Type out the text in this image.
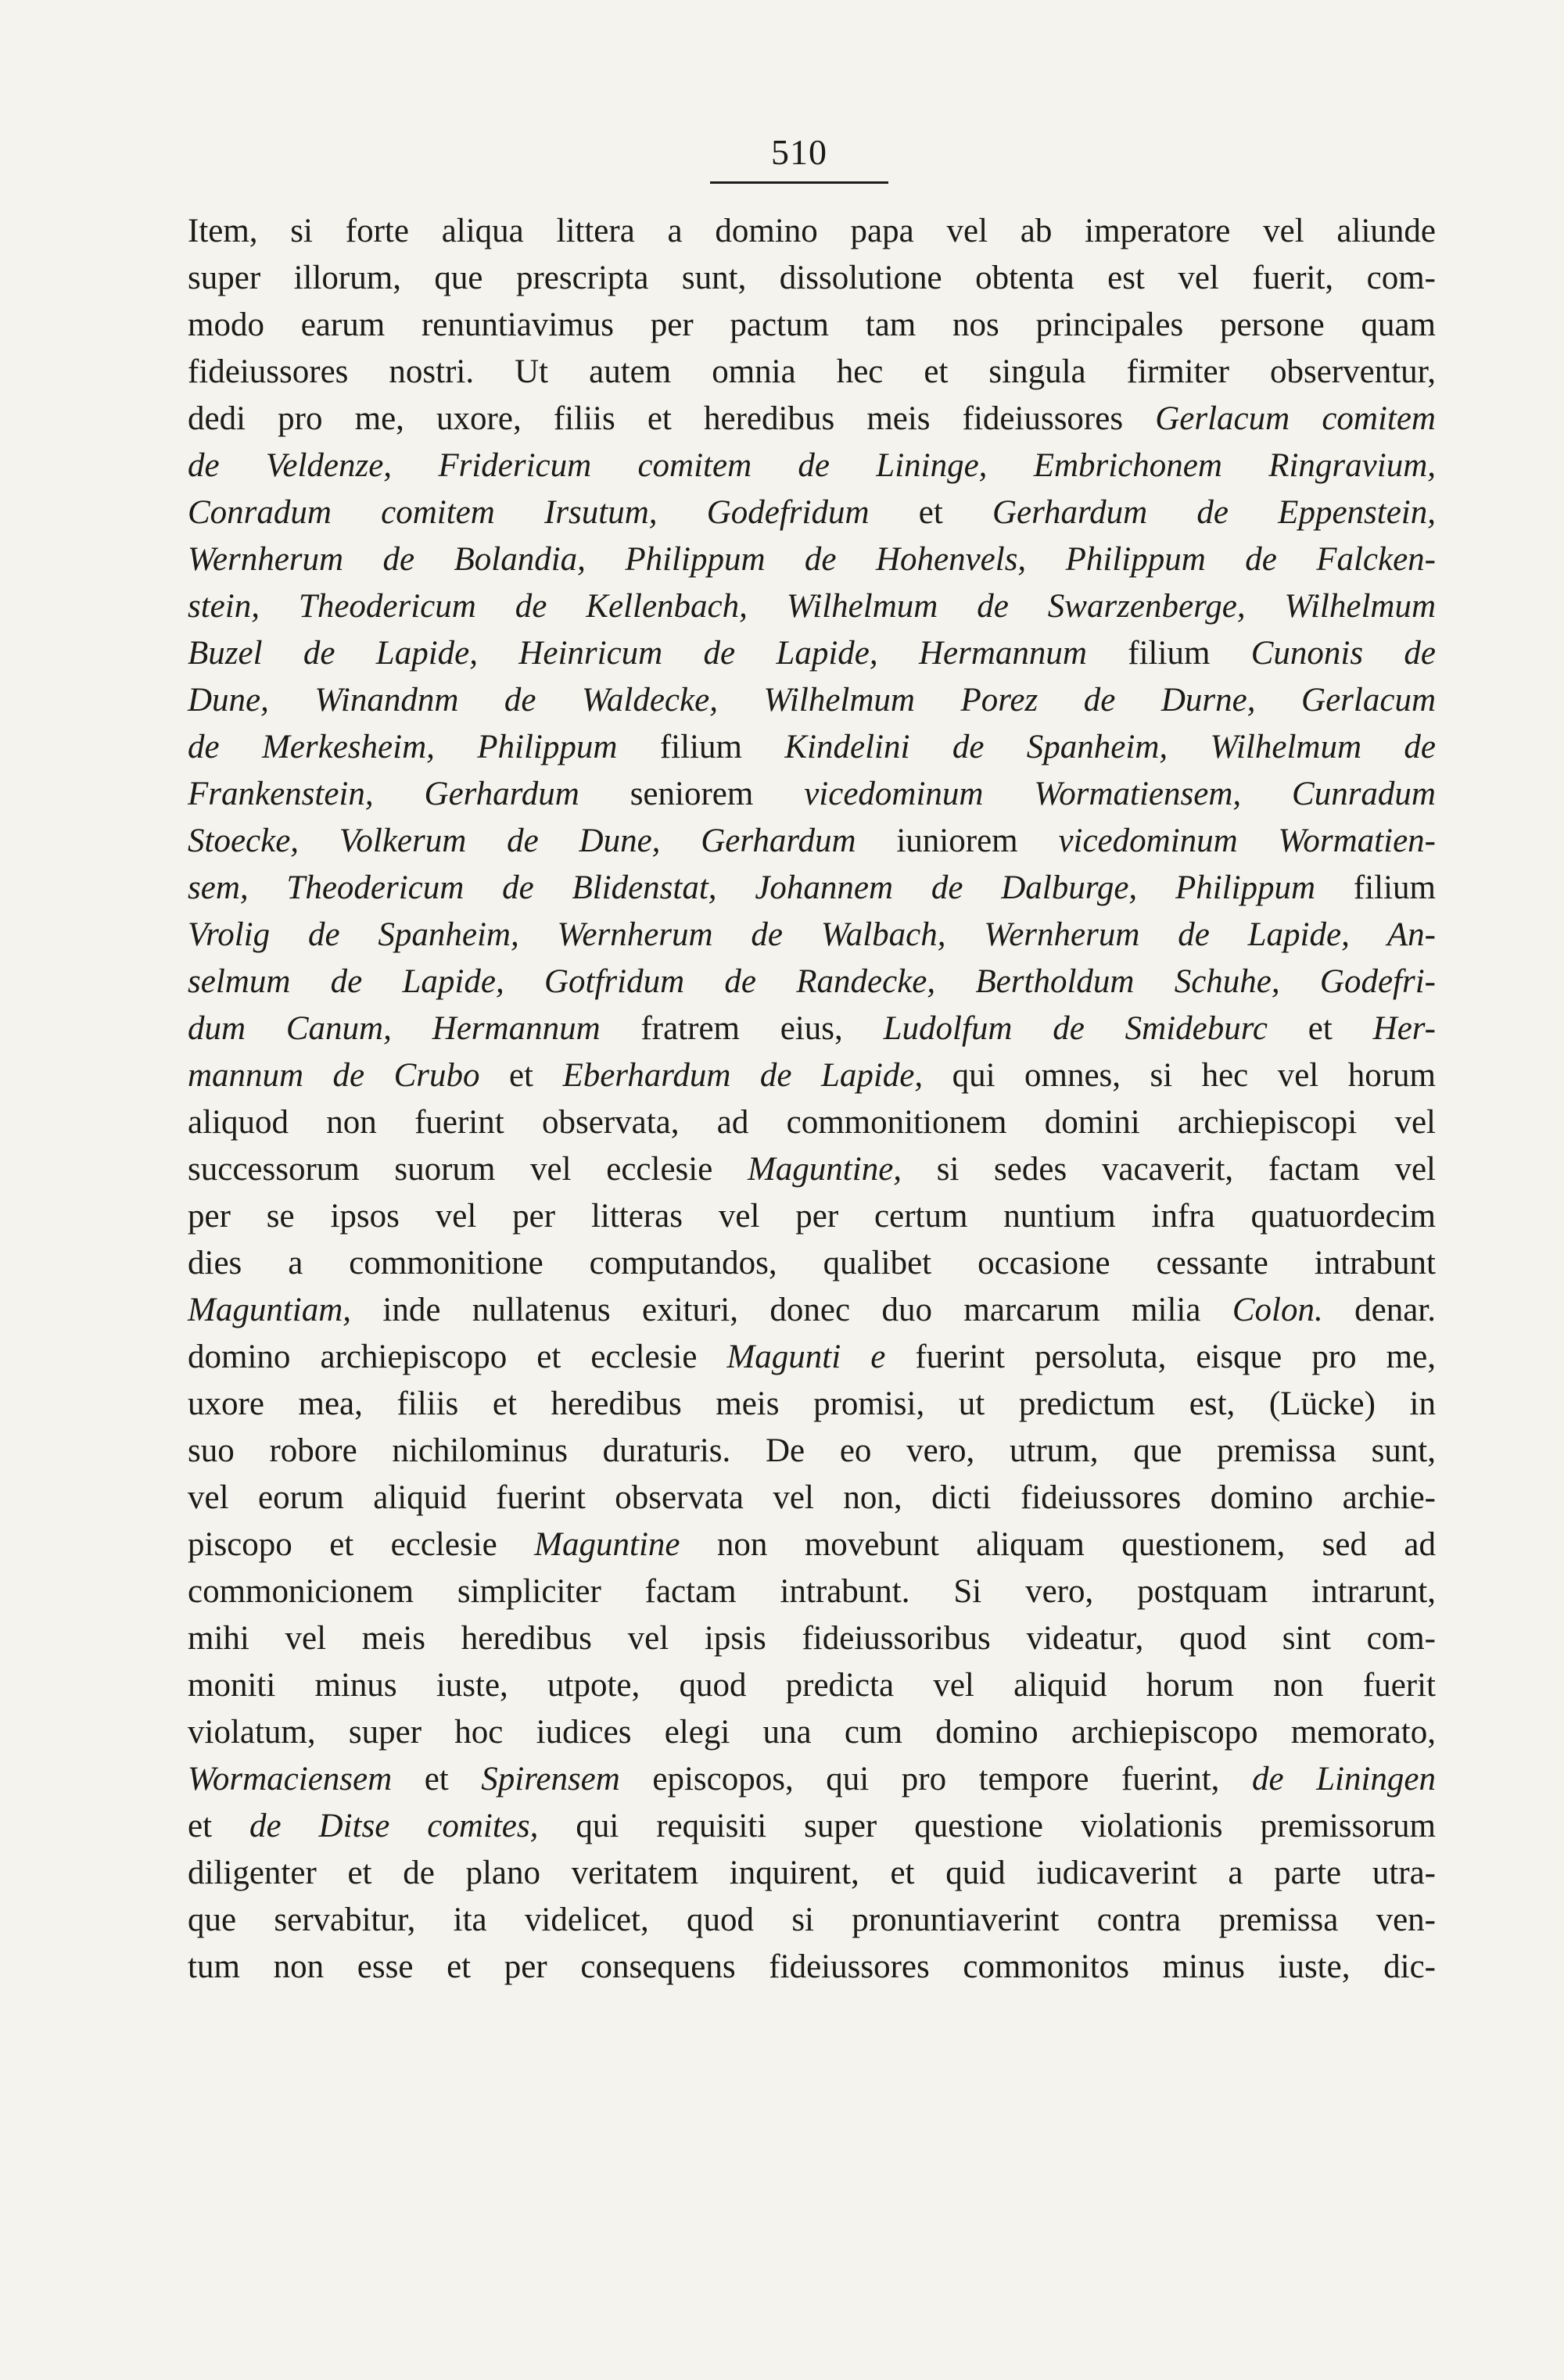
510
Item, si forte aliqua littera a domino papa vel ab imperatore vel aliunde
super illorum, que prescripta sunt, dissolutione obtenta est vel fuerit, com-
modo earum renuntiavimus per pactum tam nos principales persone quam
fideiussores nostri. Ut autem omnia hec et singula firmiter observentur,
dedi pro me, uxore, filiis et heredibus meis fideiussores Gerlacum comitem
de Veldenze, Fridericum comitem de Lininge, Embrichonem Ringravium,
Conradum comitem Irsutum, Godefridum et Gerhardum de Eppenstein,
Wernherum de Bolandia, Philippum de Hohenvels, Philippum de Falcken-
stein, Theodericum de Kellenbach, Wilhelmum de Swarzenberge, Wilhelmum
Buzel de Lapide, Heinricum de Lapide, Hermannum filium Cunonis de
Dune, Winandnm de Waldecke, Wilhelmum Porez de Durne, Gerlacum
de Merkesheim, Philippum filium Kindelini de Spanheim, Wilhelmum de
Frankenstein, Gerhardum seniorem vicedominum Wormatiensem, Cunradum
Stoecke, Volkerum de Dune, Gerhardum iuniorem vicedominum Wormatien-
sem, Theodericum de Blidenstat, Johannem de Dalburge, Philippum filium
Vrolig de Spanheim, Wernherum de Walbach, Wernherum de Lapide, An-
selmum de Lapide, Gotfridum de Randecke, Bertholdum Schuhe, Godefri-
dum Canum, Hermannum fratrem eius, Ludolfum de Smideburc et Her-
mannum de Crubo et Eberhardum de Lapide, qui omnes, si hec vel horum
aliquod non fuerint observata, ad commonitionem domini archiepiscopi vel
successorum suorum vel ecclesie Maguntine, si sedes vacaverit, factam vel
per se ipsos vel per litteras vel per certum nuntium infra quatuordecim
dies a commonitione computandos, qualibet occasione cessante intrabunt
Maguntiam, inde nullatenus exituri, donec duo marcarum milia Colon. denar.
domino archiepiscopo et ecclesie Magunti e fuerint persoluta, eisque pro me,
uxore mea, filiis et heredibus meis promisi, ut predictum est, (Lücke) in
suo robore nichilominus duraturis. De eo vero, utrum, que premissa sunt,
vel eorum aliquid fuerint observata vel non, dicti fideiussores domino archie-
piscopo et ecclesie Maguntine non movebunt aliquam questionem, sed ad
commonicionem simpliciter factam intrabunt. Si vero, postquam intrarunt,
mihi vel meis heredibus vel ipsis fideiussoribus videatur, quod sint com-
moniti minus iuste, utpote, quod predicta vel aliquid horum non fuerit
violatum, super hoc iudices elegi una cum domino archiepiscopo memorato,
Wormaciensem et Spirensem episcopos, qui pro tempore fuerint, de Liningen
et de Ditse comites, qui requisiti super questione violationis premissorum
diligenter et de plano veritatem inquirent, et quid iudicaverint a parte utra-
que servabitur, ita videlicet, quod si pronuntiaverint contra premissa ven-
tum non esse et per consequens fideiussores commonitos minus iuste, dic-
